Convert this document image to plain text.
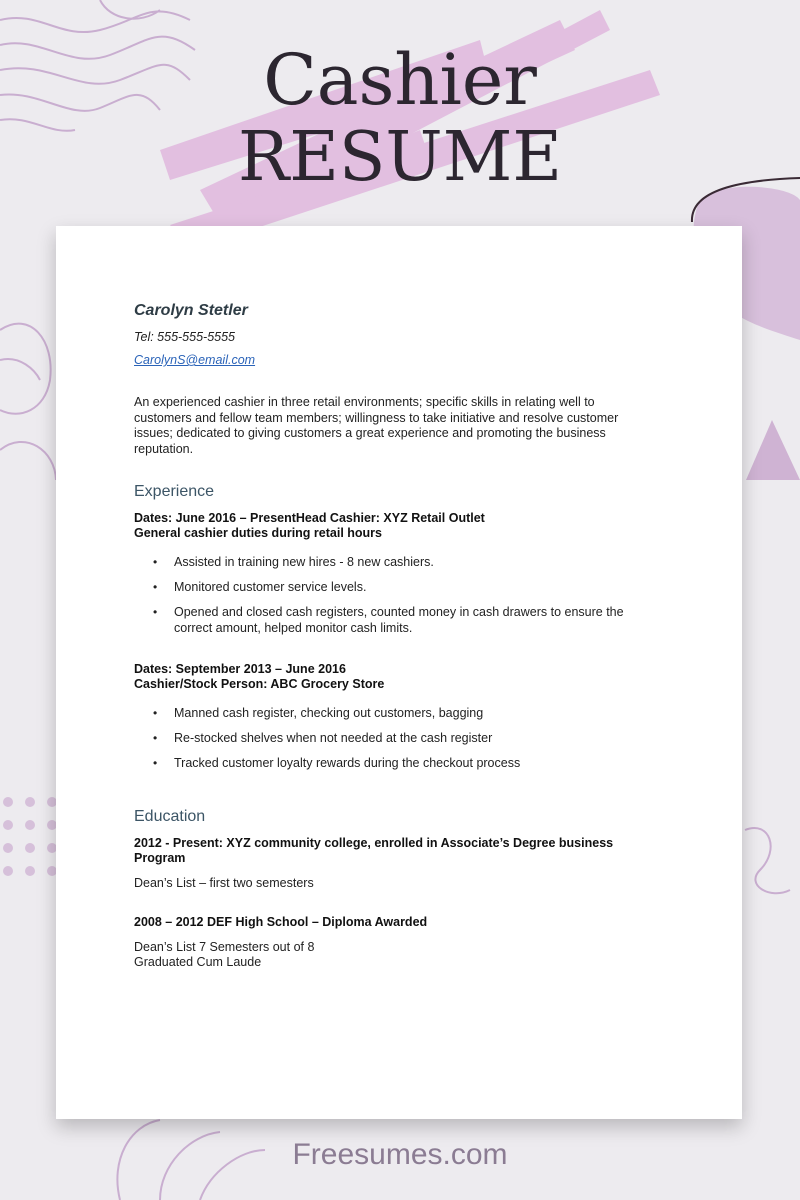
Cashier
RESUME

Carolyn Stetler

Tel: 555-555-5555

CarolynS@email.com

An experienced cashier in three retail environments; specific skills in relating well to customers and fellow team members; willingness to take initiative and resolve customer issues; dedicated to giving customers a great experience and promoting the business reputation.

Experience

Dates: June 2016 – PresentHead Cashier: XYZ Retail Outlet

General cashier duties during retail hours

• Assisted in training new hires - 8 new cashiers.
• Monitored customer service levels.
• Opened and closed cash registers, counted money in cash drawers to ensure the correct amount, helped monitor cash limits.

Dates: September 2013 – June 2016

Cashier/Stock Person: ABC Grocery Store

• Manned cash register, checking out customers, bagging
• Re-stocked shelves when not needed at the cash register
• Tracked customer loyalty rewards during the checkout process
Education

2012 - Present: XYZ community college, enrolled in Associate’s Degree business Program

Dean’s List – first two semesters

2008 – 2012 DEF High School – Diploma Awarded

Dean’s List 7 Semesters out of 8

Graduated Cum Laude

Freesumes.com
